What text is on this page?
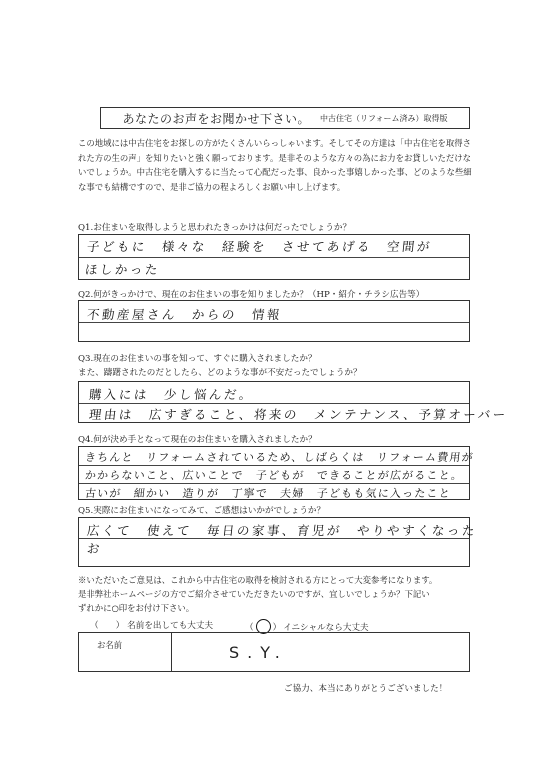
あなたのお声をお聞かせ下さい。 中古住宅（リフォーム済み）取得版

この地域には中古住宅をお探しの方がたくさんいらっしゃいます。そしてその方達は「中古住宅を取得さ

れた方の生の声」を知りたいと強く願っております。是非そのような方々の為にお力をお貸しいただけな

いでしょうか。中古住宅を購入するに当たって心配だった事、良かった事嬉しかった事、どのような些細

な事でも結構ですので、是非ご協力の程よろしくお願い申し上げます。

Q1.お住まいを取得しようと思われたきっかけは何だったでしょうか？
子どもに　様々な　経験を　させてあげる　空間が
ほしかった
Q2.何がきっかけで、現在のお住まいの事を知りましたか？（HP・紹介・チラシ広告等）
不動産屋さん　からの　情報
Q3.現在のお住まいの事を知って、すぐに購入されましたか？
また、躊躇されたのだとしたら、どのような事が不安だったでしょうか？
購入には　少し悩んだ。
理由は　広すぎること、将来の　メンテナンス、予算オーバー
Q4.何が決め手となって現在のお住まいを購入されましたか？
きちんと　リフォームされているため、しばらくは　リフォーム費用が
かからないこと、広いことで　子どもが　できることが広がること。
古いが　細かい　造りが　丁寧で　夫婦　子どもも気に入ったこと
Q5.実際にお住まいになってみて、ご感想はいかがでしょうか？
広くて　使えて　毎日の家事、育児が　やりやすくなった
お

※いただいたご意見は、これから中古住宅の取得を検討される方にとって大変参考になります。

是非弊社ホームページの方でご紹介させていただきたいのですが、宜しいでしょうか？下記い

ずれかに○印をお付け下さい。

（　　） 名前を出しても大丈夫	（ ○ ） イニシャルなら大丈夫
お名前	S.Y.
ご協力、本当にありがとうございました！
